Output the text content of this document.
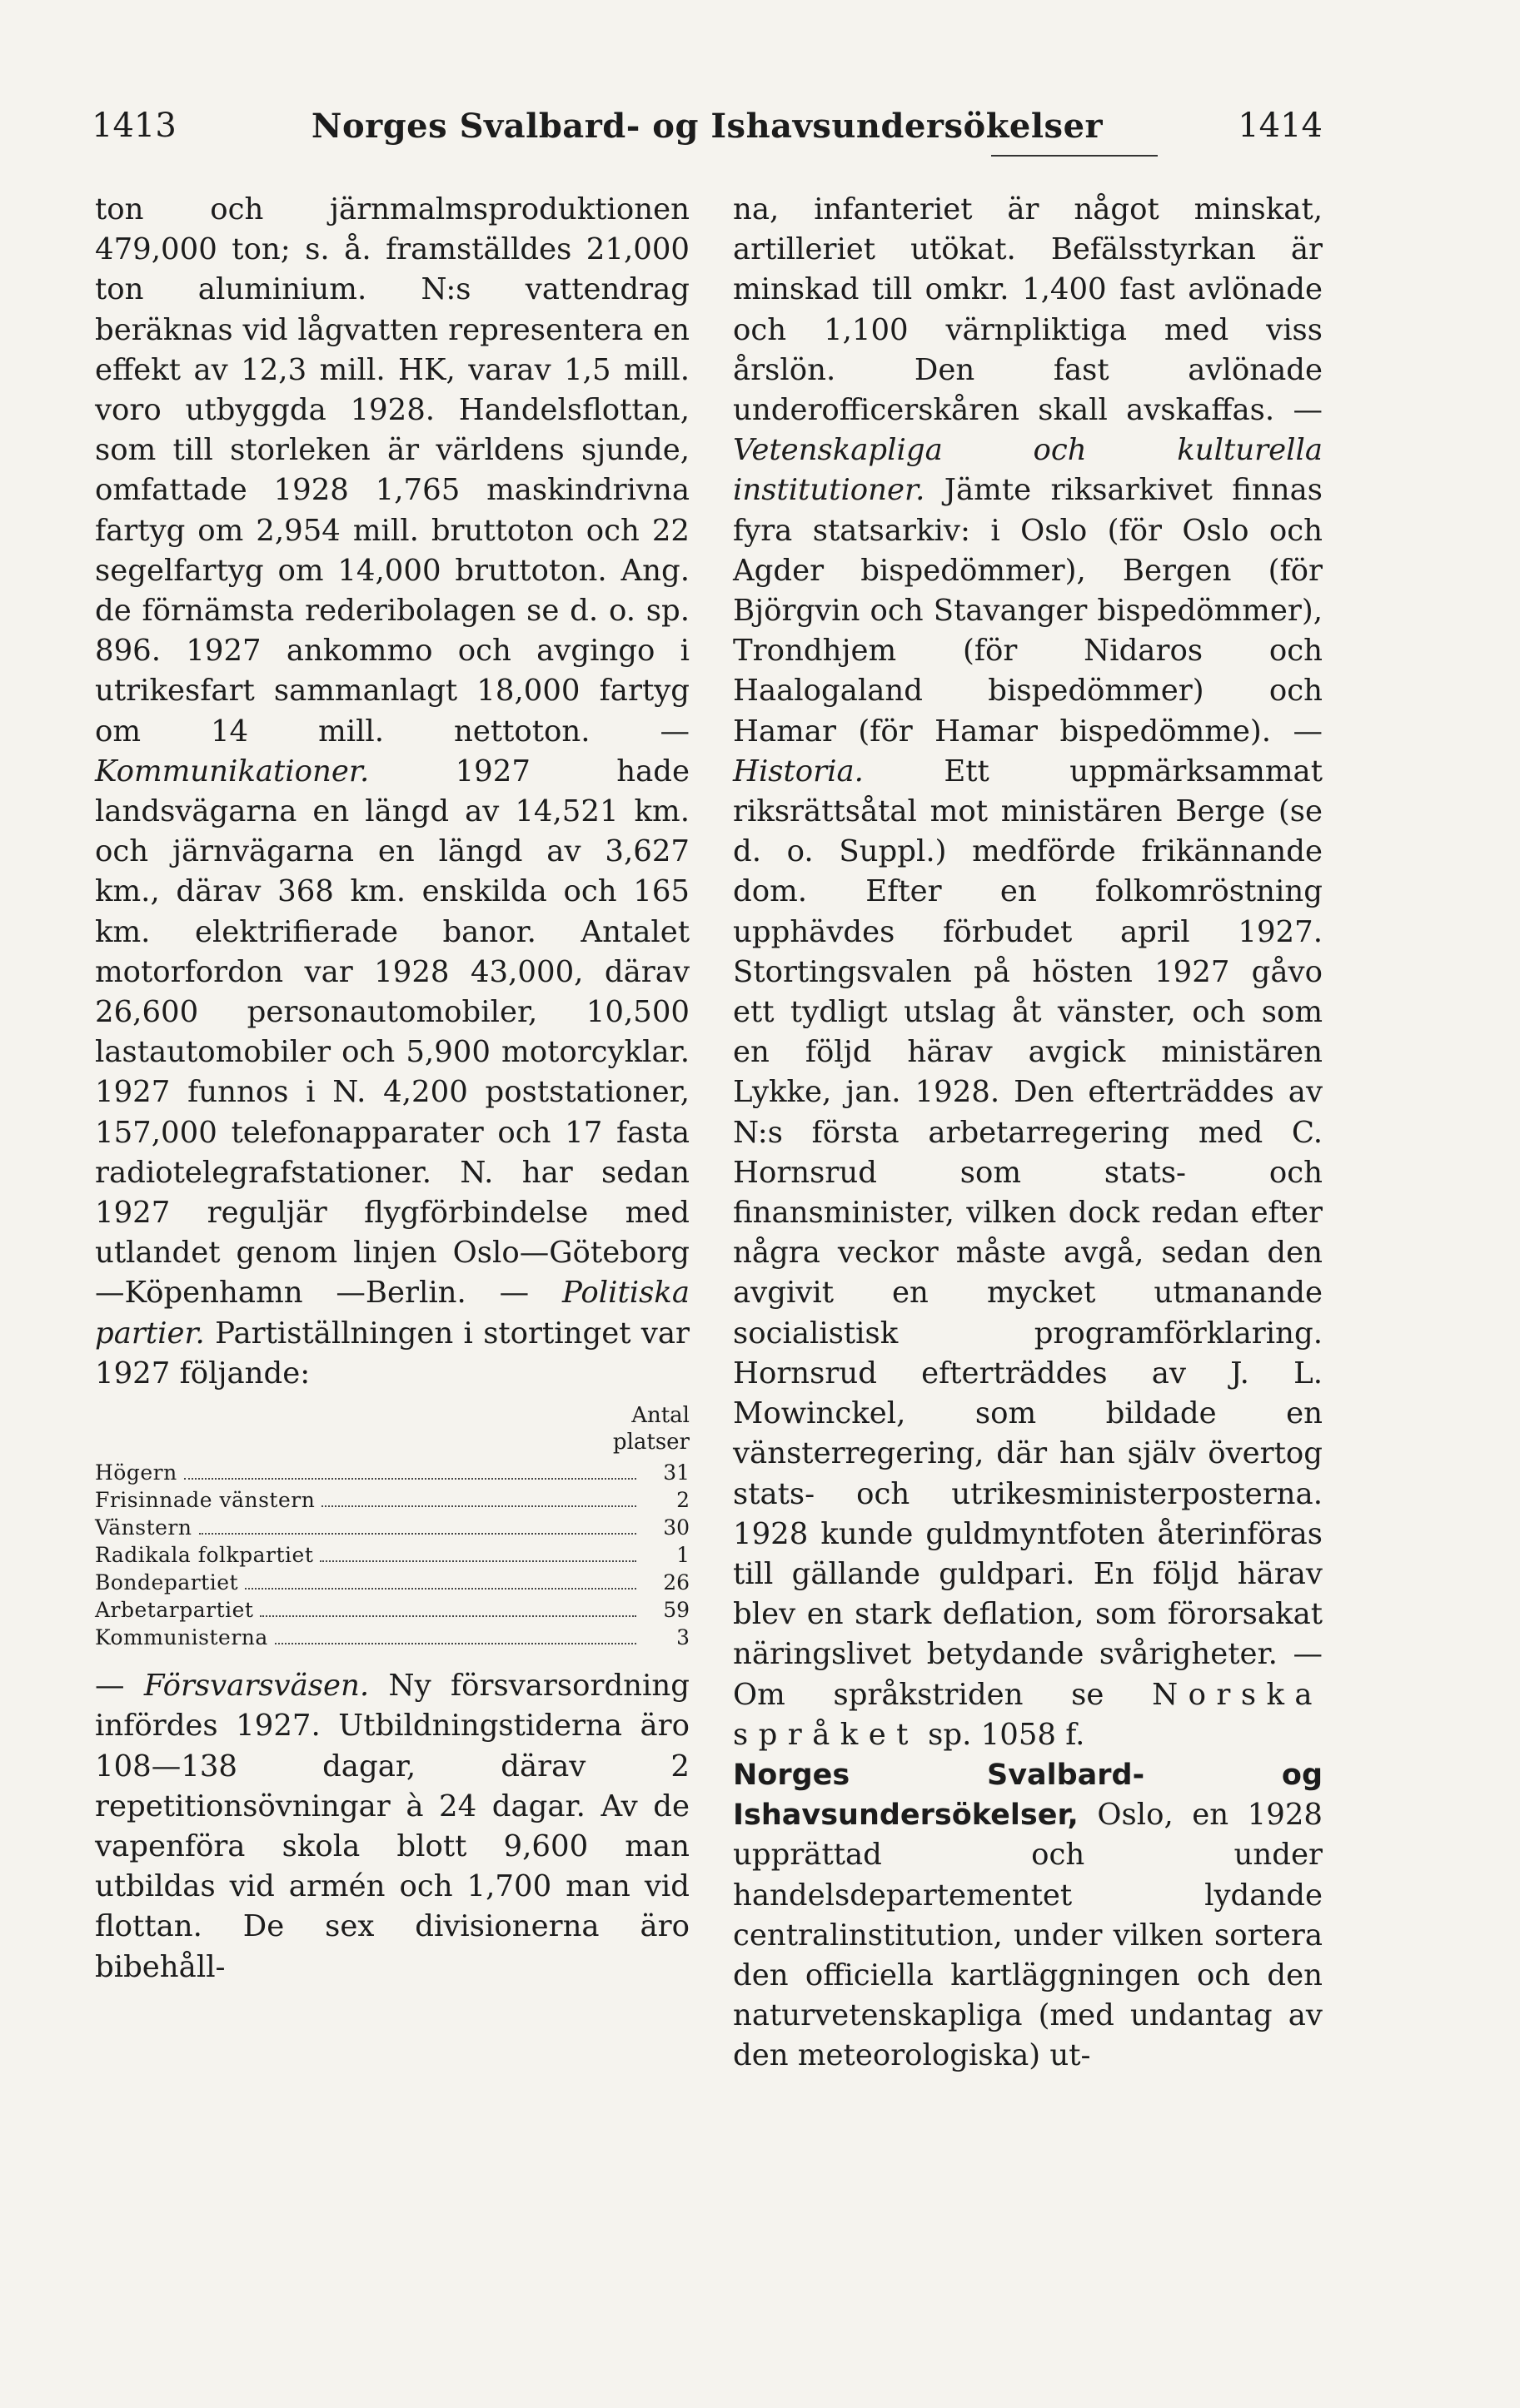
1413	Norges Svalbard- og Ishavsundersökelser	1414

ton och järnmalmsproduktionen 479,000 ton; s. å. framställdes 21,000 ton aluminium. N:s vattendrag beräknas vid lågvatten representera en effekt av 12,3 mill. HK, varav 1,5 mill. voro utbyggda 1928. Handelsflottan, som till storleken är världens sjunde, omfattade 1928 1,765 maskindrivna fartyg om 2,954 mill. bruttoton och 22 segelfartyg om 14,000 bruttoton. Ang. de förnämsta rederibolagen se d. o. sp. 896. 1927 ankommo och avgingo i utrikesfart sammanlagt 18,000 fartyg om 14 mill. nettoton. — Kommunikationer.	1927 hade landsvägarna en längd av 14,521 km. och järnvägarna en längd av 3,627 km., därav 368 km. enskilda och 165 km. elektrifierade banor. Antalet motorfordon var 1928 43,000, därav 26,600 personautomobiler, 10,500 lastautomobiler och 5,900 motorcyklar. 1927 funnos i N. 4,200 poststationer, 157,000 telefonapparater och 17 fasta radiotelegrafstationer. N. har sedan 1927 reguljär flygförbindelse med utlandet genom linjen Oslo—Göteborg—Köpenhamn —Berlin. — Politiska partier. Partiställningen i stortinget var 1927 följande:

Antal
platser
Högern	31
Frisinnade vänstern	2
Vänstern	30
Radikala folkpartiet	1
Bondepartiet	26
Arbetarpartiet	59
Kommunisterna	3

— Försvarsväsen. Ny försvarsordning infördes 1927. Utbildningstiderna äro 108—138 dagar, därav 2 repetitionsövningar à 24 dagar. Av de vapenföra skola blott 9,600 man utbildas vid armén och 1,700 man vid flottan. De sex divisionerna äro bibehåll-

na, infanteriet är något minskat, artilleriet utökat. Befälsstyrkan är minskad till omkr. 1,400 fast avlönade och 1,100 värnpliktiga med viss årslön. Den fast avlönade underofficerskåren skall avskaffas. — Vetenskapliga och kulturella institutioner. Jämte riksarkivet finnas fyra statsarkiv: i Oslo (för Oslo och Agder bispedömmer), Bergen (för Björgvin och Stavanger bispedömmer), Trondhjem (för Nidaros och Haalogaland bispedömmer) och Hamar (för Hamar bispedömme). — Historia.	Ett uppmärksammat riksrättsåtal mot ministären Berge (se d. o. Suppl.) medförde frikännande dom. Efter en folkomröstning upphävdes förbudet april 1927. Stortingsvalen på hösten 1927 gåvo ett tydligt utslag åt vänster, och som en följd härav avgick ministären Lykke, jan. 1928. Den efterträddes av N:s första arbetarregering med C. Hornsrud som stats- och finansminister, vilken dock redan efter några veckor måste avgå, sedan den avgivit en mycket utmanande socialistisk programförklaring. Hornsrud efterträddes av J. L. Mowinckel, som bildade en vänsterregering, där han själv övertog stats- och utrikesministerposterna. 1928 kunde guldmyntfoten återinföras till gällande guldpari. En följd härav blev en stark deflation, som förorsakat näringslivet betydande svårigheter. — Om språkstriden se Norska språket sp. 1058 f.

Norges Svalbard- og Ishavsundersökelser, Oslo, en 1928 upprättad och under handelsdepartementet lydande centralinstitution, under vilken sortera den officiella kartläggningen och den naturvetenskapliga (med undantag av den meteorologiska) ut-
